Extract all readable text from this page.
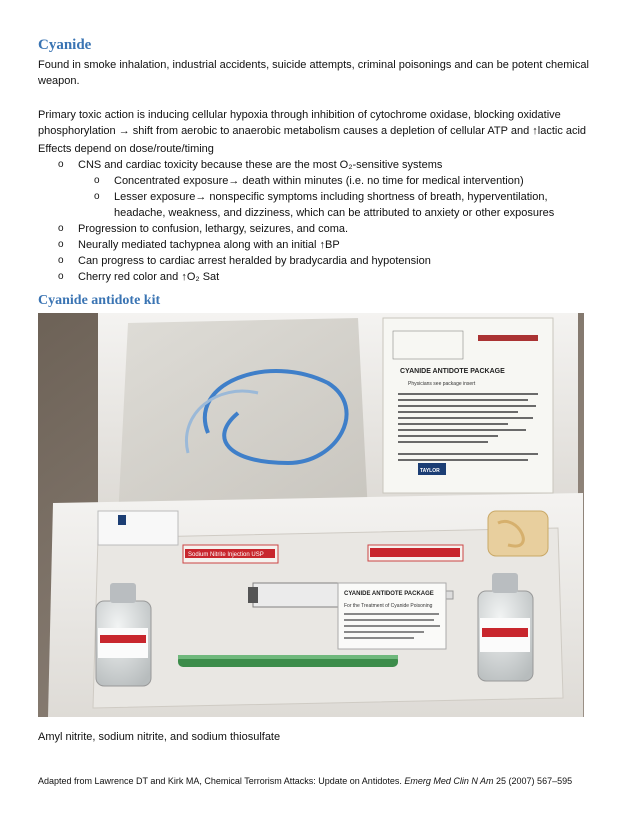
Cyanide
Found in smoke inhalation, industrial accidents, suicide attempts, criminal poisonings and can be potent chemical weapon.
Primary toxic action is inducing cellular hypoxia through inhibition of cytochrome oxidase, blocking oxidative phosphorylation → shift from aerobic to anaerobic metabolism causes a depletion of cellular ATP and ↑lactic acid
Effects depend on dose/route/timing
o CNS and cardiac toxicity because these are the most O₂-sensitive systems
o Concentrated exposure→ death within minutes (i.e. no time for medical intervention)
o Lesser exposure→ nonspecific symptoms including shortness of breath, hyperventilation, headache, weakness, and dizziness, which can be attributed to anxiety or other exposures
o Progression to confusion, lethargy, seizures, and coma.
o Neurally mediated tachypnea along with an initial ↑BP
o Can progress to cardiac arrest heralded by bradycardia and hypotension
o Cherry red color and ↑O₂ Sat
Cyanide antidote kit
CYANIDE ANTIDOTE PACKAGE
Physicians see package insert
TAYLOR
Sodium Nitrite Injection USP
CYANIDE ANTIDOTE PACKAGE
For the Treatment of Cyanide Poisoning
Amyl nitrite, sodium nitrite, and sodium thiosulfate
Adapted from Lawrence DT and Kirk MA, Chemical Terrorism Attacks: Update on Antidotes. Emerg Med Clin N Am 25 (2007) 567–595
